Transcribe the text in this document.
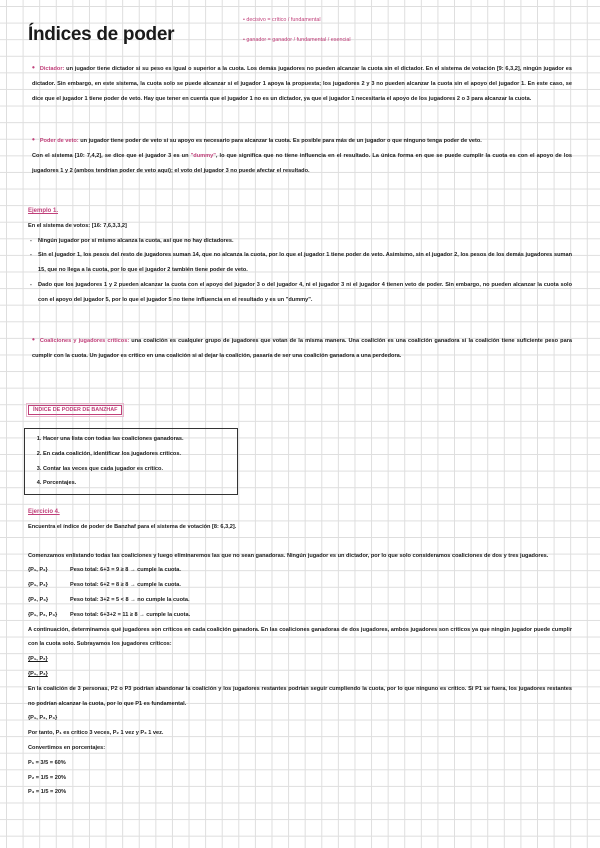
Índices de poder
• decisivo = crítico / fundamental
• ganador = ganador / fundamental / esencial

• Dictador: un jugador tiene dictador si su peso es igual o superior a la cuota. Los demás jugadores no pueden alcanzar la cuota sin el dictador. En el sistema de votación [9: 6,3,2], ningún jugador es dictador. Sin embargo, en este sistema, la cuota solo se puede alcanzar si el jugador 1 apoya la propuesta; los jugadores 2 y 3 no pueden alcanzar la cuota sin el apoyo del jugador 1. En este caso, se dice que el jugador 1 tiene poder de veto. Hay que tener en cuenta que el jugador 1 no es un dictador, ya que el jugador 1 necesitaría el apoyo de los jugadores 2 o 3 para alcanzar la cuota.

• Poder de veto: un jugador tiene poder de veto si su apoyo es necesario para alcanzar la cuota. Es posible para más de un jugador o que ninguno tenga poder de veto.
Con el sistema [10: 7,4,2], se dice que el jugador 3 es un "dummy", lo que significa que no tiene influencia en el resultado. La única forma en que se puede cumplir la cuota es con el apoyo de los jugadores 1 y 2 (ambos tendrían poder de veto aquí); el voto del jugador 3 no puede afectar el resultado.

Ejemplo 1.
En el sistema de votos: [16: 7,6,3,3,2]

- Ningún jugador por sí mismo alcanza la cuota, así que no hay dictadores.
- Sin el jugador 1, los pesos del resto de jugadores suman 14, que no alcanza la cuota, por lo que el jugador 1 tiene poder de veto. Asimismo, sin el jugador 2, los pesos de los demás jugadores suman 15, que no llega a la cuota, por lo que el jugador 2 también tiene poder de veto.
- Dado que los jugadores 1 y 2 pueden alcanzar la cuota con el apoyo del jugador 3 o del jugador 4, ni el jugador 3 ni el jugador 4 tienen veto de poder. Sin embargo, no pueden alcanzar la cuota solo con el apoyo del jugador 5, por lo que el jugador 5 no tiene influencia en el resultado y es un "dummy".

• Coaliciones y jugadores críticos: una coalición es cualquier grupo de jugadores que votan de la misma manera. Una coalición es una coalición ganadora si la coalición tiene suficiente peso para cumplir con la cuota. Un jugador es crítico en una coalición si al dejar la coalición, pasaría de ser una coalición ganadora a una perdedora.

ÍNDICE DE PODER DE BANZHAF
1. Hacer una lista con todas las coaliciones ganadoras.
2. En cada coalición, identificar los jugadores críticos.
3. Contar las veces que cada jugador es crítico.
4. Porcentajes.

Ejercicio 4.
Encuentra el índice de poder de Banzhaf para el sistema de votación [8: 6,3,2].

Comenzamos enlistando todas las coaliciones y luego eliminaremos las que no sean ganadoras. Ningún jugador es un dictador, por lo que solo consideramos coaliciones de dos y tres jugadores.

{P₁, P₂}	Peso total: 6+3 = 9 ≥ 8 → cumple la cuota.
{P₁, P₃}	Peso total: 6+2 = 8 ≥ 8 → cumple la cuota.
{P₂, P₃}	Peso total: 3+2 = 5 < 8 → no cumple la cuota.
{P₁, P₂, P₃} Peso total: 6+3+2 = 11 ≥ 8 → cumple la cuota.

A continuación, determinamos qué jugadores son críticos en cada coalición ganadora. En las coaliciones ganadoras de dos jugadores, ambos jugadores son críticos ya que ningún jugador puede cumplir con la cuota solo. Subrayamos los jugadores críticos:

{P₁, P₂}
{P₁, P₃}

En la coalición de 3 personas, P2 o P3 podrían abandonar la coalición y los jugadores restantes podrían seguir cumpliendo la cuota, por lo que ninguno es crítico. Si P1 se fuera, los jugadores restantes no podrían alcanzar la cuota, por lo que P1 es fundamental.

{P₁, P₂, P₃}
Por tanto, P₁ es crítico 3 veces, P₂ 1 vez y P₃ 1 vez.
Convertimos en porcentajes:
P₁ = 3/5 = 60%
P₂ = 1/5 = 20%
P₃ = 1/5 = 20%
